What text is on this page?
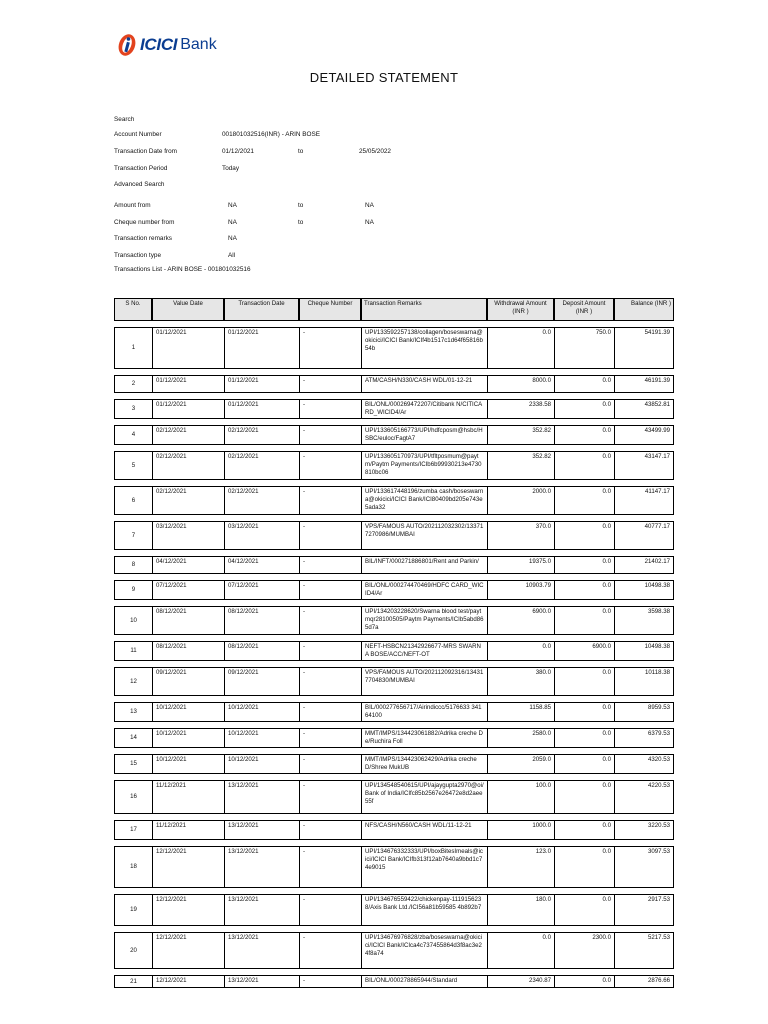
ICICI Bank
DETAILED STATEMENT
Search
Account Number	001801032516(INR) - ARIN BOSE
Transaction Date from	01/12/2021	to	25/05/2022
Transaction Period	Today
Advanced Search
Amount from	NA	to	NA
Cheque number from	NA	to	NA
Transaction remarks	NA
Transaction type	All
Transactions List - ARIN BOSE - 001801032516
S No.	Value Date	Transaction Date	Cheque Number	Transaction Remarks	Withdrawal Amount (INR )	Deposit Amount (INR )	Balance (INR )

1	01/12/2021	01/12/2021	-	UPI/133592257138/collagen/boseswarna@okicici/ICICI Bank/ICIf4b1517c1d64f65816b54b	0.0	750.0	54191.39

2	01/12/2021	01/12/2021	-	ATM/CASH/N330/CASH WDL/01-12-21	8000.0	0.0	46191.39

3	01/12/2021	01/12/2021	-	BIL/ONL/000269472207/Citibank N/CITICARD_WICID4/Ar	2338.58	0.0	43852.81

4	02/12/2021	02/12/2021	-	UPI/133605166773/UPI/hdfcposm@hsbc/HSBC/euloc/FagtA7	352.82	0.0	43499.99

5	02/12/2021	02/12/2021	-	UPI/133605170973/UPI/tfltposmum@paytm/Paytm Payments/ICIb6b99930213e4730810bc06	352.82	0.0	43147.17

6	02/12/2021	02/12/2021	-	UPI/133617448196/zumba cash/boseswarna@okicici/ICICI Bank/ICI80409bd205e743e5ada32	2000.0	0.0	41147.17

7	03/12/2021	03/12/2021	-	VPS/FAMOUS AUTO/202112032302/133717270986/MUMBAI	370.0	0.0	40777.17

8	04/12/2021	04/12/2021	-	BIL/INFT/000271886801/Rent and Parkin/	19375.0	0.0	21402.17

9	07/12/2021	07/12/2021	-	BIL/ONL/000274470469/HDFC CARD_WICID4/Ar	10903.79	0.0	10498.38

10	08/12/2021	08/12/2021	-	UPI/134203228620/Swarna blood test/paytmqr28100505/Paytm Payments/ICIb5abd865d7a	6900.0	0.0	3598.38

11	08/12/2021	08/12/2021	-	NEFT-HSBCN21342926677-MRS SWARNA BOSE/ACC/NEFT-OT	0.0	6900.0	10498.38

12	09/12/2021	09/12/2021	-	VPS/FAMOUS AUTO/202112092316/134317704830/MUMBAI	380.0	0.0	10118.38

13	10/12/2021	10/12/2021	-	BIL/000277656717/Airindiccc/5176633 34164100	1158.85	0.0	8959.53

14	10/12/2021	10/12/2021	-	MMT/IMPS/134423061882/Adrika creche De/Ruchira Foll	2580.0	0.0	6379.53

15	10/12/2021	10/12/2021	-	MMT/IMPS/134423062429/Adrika creche D/Shree MukUB	2059.0	0.0	4320.53

16	11/12/2021	13/12/2021	-	UPI/134548540615/UPI/ajaygupta2970@oi/Bank of India/ICIfc85b2567e26472e8d2aee55f	100.0	0.0	4220.53

17	11/12/2021	13/12/2021	-	NFS/CASH/N560/CASH WDL/11-12-21	1000.0	0.0	3220.53

18	12/12/2021	13/12/2021	-	UPI/134676332333/UPI/boxBitesImeals@icici/ICICI Bank/ICIfb313f12ab7640a9bbd1c74e9015	123.0	0.0	3097.53

19	12/12/2021	13/12/2021	-	UPI/134676559422/chickenpay-1119156238/Axis Bank Ltd./ICI56a81b59585 4b892b7	180.0	0.0	2917.53

20	12/12/2021	13/12/2021	-	UPI/134676976828/zba/boseswarna@okicici/ICICI Bank/ICIca4c737455864d3f8ac3e24f8a74	0.0	2300.0	5217.53

21	12/12/2021	13/12/2021	-	BIL/ONL/000278865944/Standard	2340.87	0.0	2876.66
